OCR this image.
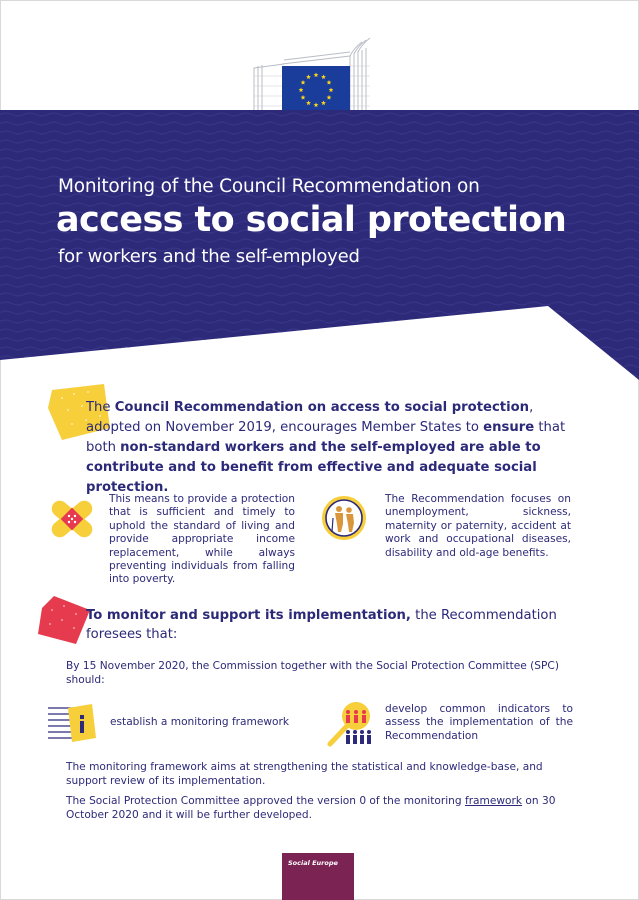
Monitoring of the Council Recommendation on
access to social protection
for workers and the self-employed
The Council Recommendation on access to social protection, adopted on November 2019, encourages Member States to ensure that both non-standard workers and the self-employed are able to contribute and to benefit from effective and adequate social protection.
This means to provide a protection that is sufficient and timely to uphold the standard of living and provide appropriate income replacement, while always preventing individuals from falling into poverty.
The Recommendation focuses on unemployment, sickness, maternity or paternity, accident at work and occupational diseases, disability and old-age benefits.
To monitor and support its implementation, the Recommendation foresees that:
By 15 November 2020, the Commission together with the Social Protection Committee (SPC) should:
establish a monitoring framework
develop common indicators to assess the implementation of the Recommendation
The monitoring framework aims at strengthening the statistical and knowledge-base, and support review of its implementation.
The Social Protection Committee approved the version 0 of the monitoring framework on 30 October 2020 and it will be further developed.
Social Europe
